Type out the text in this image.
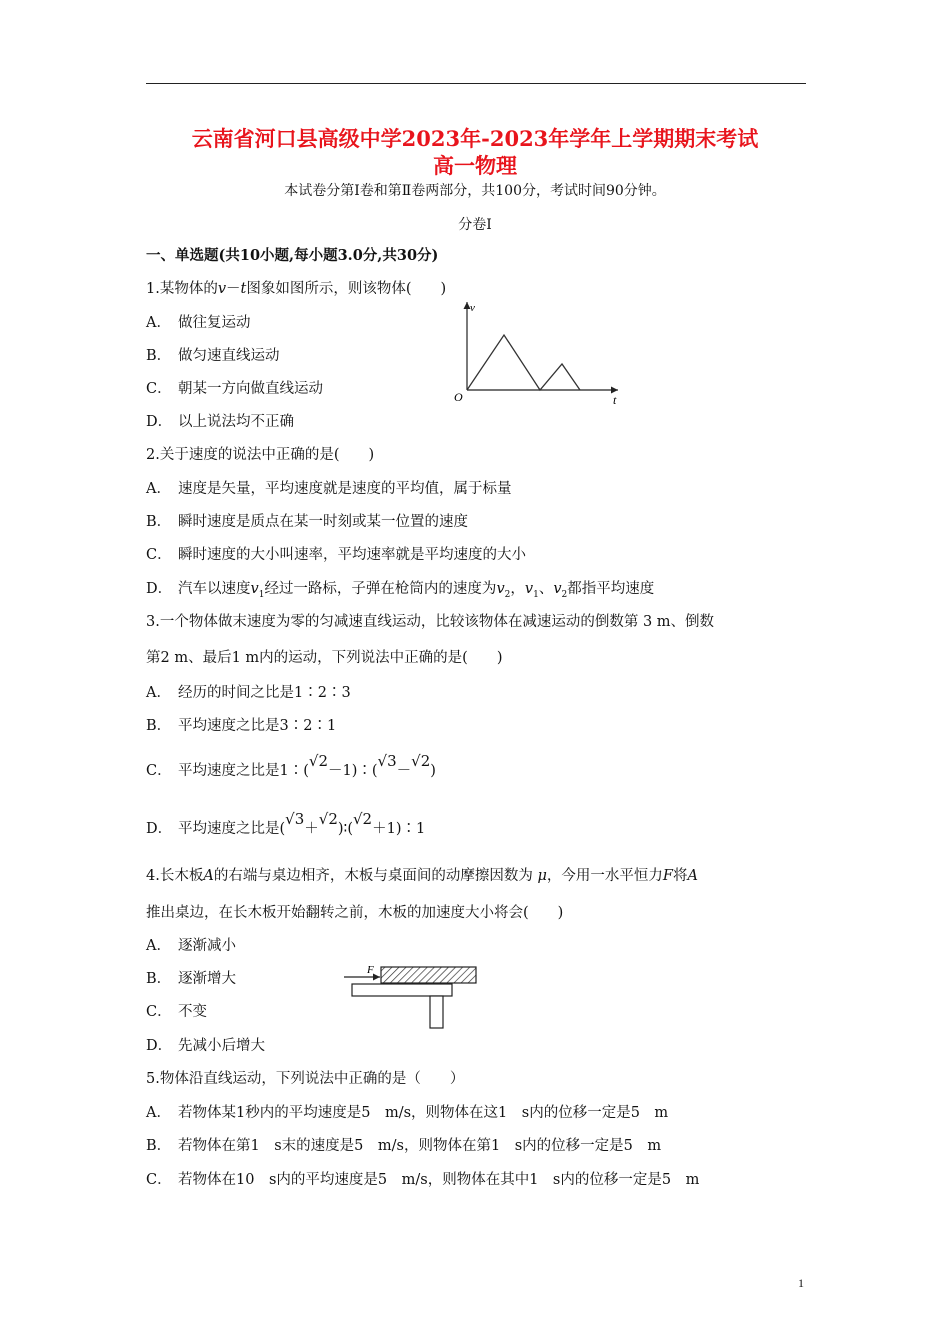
云南省河口县高级中学2023年-2023年学年上学期期末考试
高一物理
本试卷分第Ⅰ卷和第Ⅱ卷两部分，共100分，考试时间90分钟。
分卷Ⅰ
一、单选题(共10小题,每小题3.0分,共30分)
1.某物体的v－t图象如图所示，则该物体(　　)
A． 做往复运动
B． 做匀速直线运动
C． 朝某一方向做直线运动
D． 以上说法均不正确
v
t
O
2.关于速度的说法中正确的是(　　)
A． 速度是矢量，平均速度就是速度的平均值，属于标量
B． 瞬时速度是质点在某一时刻或某一位置的速度
C． 瞬时速度的大小叫速率，平均速率就是平均速度的大小
D． 汽车以速度$v_1$经过一路标，子弹在枪筒内的速度为$v_2$，$v_1$、$v_2$都指平均速度
3.一个物体做末速度为零的匀减速直线运动，比较该物体在减速运动的倒数第 3 m、倒数
第2 m、最后1 m内的运动，下列说法中正确的是(　　)
A． 经历的时间之比是1∶2∶3
B． 平均速度之比是3∶2∶1
C． 平均速度之比是1∶(√2－1)∶(√3－√2)
D． 平均速度之比是(√3＋√2)∶(√2＋1)∶1
4.长木板A的右端与桌边相齐，木板与桌面间的动摩擦因数为 μ，今用一水平恒力F将A
推出桌边，在长木板开始翻转之前，木板的加速度大小将会(　　)
A． 逐渐减小
B． 逐渐增大
C． 不变
D． 先减小后增大
F
5.物体沿直线运动，下列说法中正确的是（　　）
A． 若物体某1秒内的平均速度是5　m/s，则物体在这1　s内的位移一定是5　m
B． 若物体在第1　s末的速度是5　m/s，则物体在第1　s内的位移一定是5　m
C． 若物体在10　s内的平均速度是5　m/s，则物体在其中1　s内的位移一定是5　m
1
